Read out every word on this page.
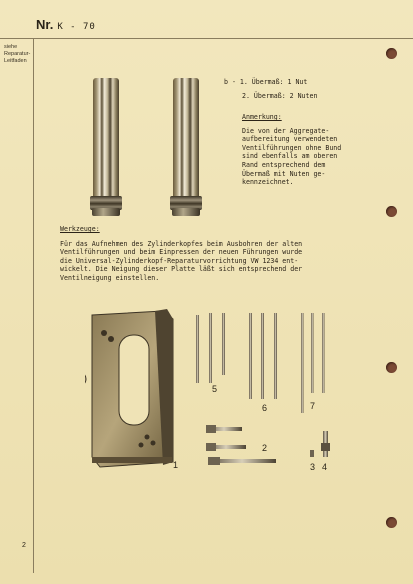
Nr. K - 70
siehe
Reparatur-
Leitfaden
b - 1. Übermaß: 1 Nut
2. Übermaß: 2 Nuten
Anmerkung:
Die von der Aggregate-
aufbereitung verwendeten
Ventilführungen ohne Bund
sind ebenfalls am oberen
Rand entsprechend dem
Übermaß mit Nuten ge-
kennzeichnet.
Werkzeuge:
Für das Aufnehmen des Zylinderkopfes beim Ausbohren der alten
Ventilführungen und beim Einpressen der neuen Führungen wurde
die Universal-Zylinderkopf-Reparaturvorrichtung VW 1234 ent-
wickelt. Die Neigung dieser Platte läßt sich entsprechend der
Ventilneigung einstellen.
1
2
3 4
5
6	7
2
